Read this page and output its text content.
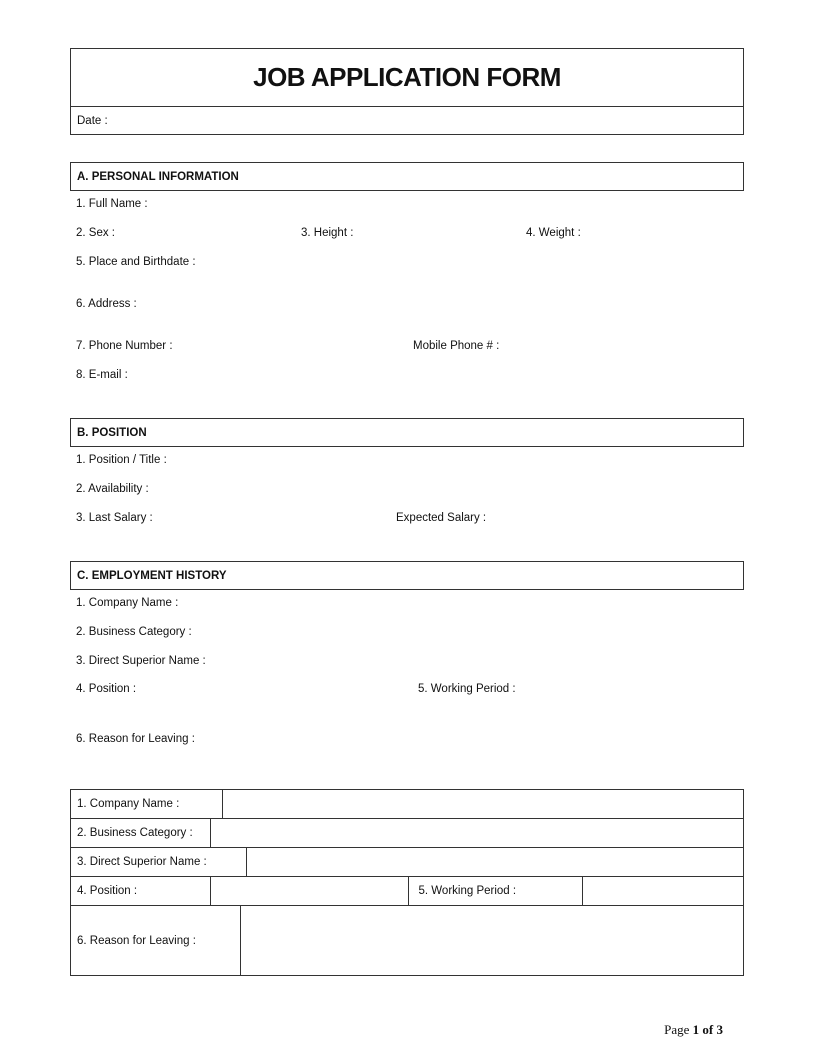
JOB APPLICATION FORM
Date :
A. PERSONAL INFORMATION
1. Full Name :
2. Sex :	3. Height :	4. Weight :
5. Place and Birthdate :
6. Address :
7. Phone Number :	Mobile Phone # :
8. E-mail :
B. POSITION
1. Position / Title :
2. Availability :
3. Last Salary :	Expected Salary :
C. EMPLOYMENT HISTORY
1. Company Name :
2. Business Category :
3. Direct Superior Name :
4. Position :	5. Working Period :
6. Reason for Leaving :
1. Company Name :	

2. Business Category :	

3. Direct Superior Name :	

4. Position :		5. Working Period :	

6. Reason for Leaving :	
Page 1 of 3
